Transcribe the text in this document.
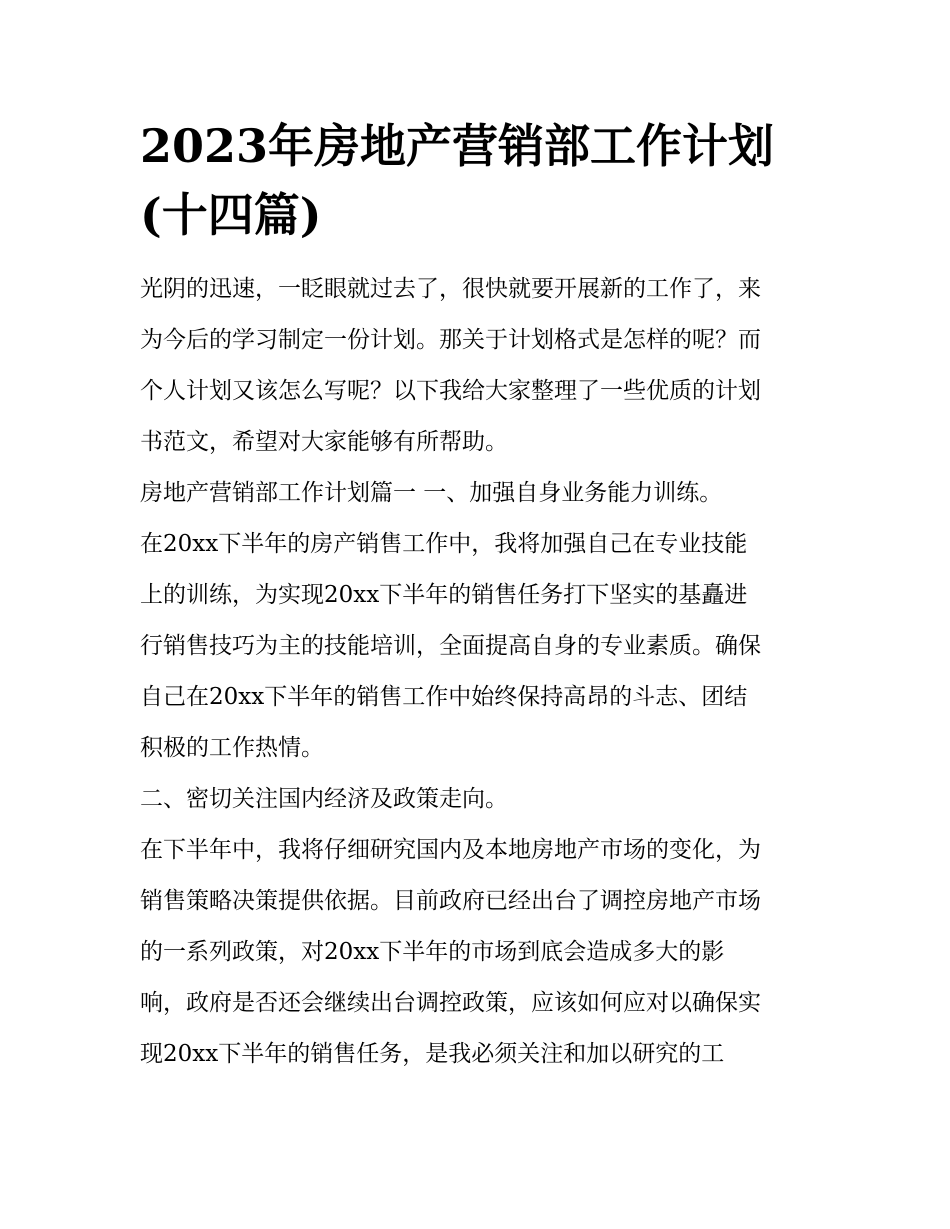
2023年房地产营销部工作计划
(十四篇)

光阴的迅速，一眨眼就过去了，很快就要开展新的工作了，来
为今后的学习制定一份计划。那关于计划格式是怎样的呢？而
个人计划又该怎么写呢？以下我给大家整理了一些优质的计划
书范文，希望对大家能够有所帮助。

房地产营销部工作计划篇一 一、加强自身业务能力训练。

在20xx下半年的房产销售工作中，我将加强自己在专业技能
上的训练，为实现20xx下半年的销售任务打下坚实的基矗进
行销售技巧为主的技能培训，全面提高自身的专业素质。确保
自己在20xx下半年的销售工作中始终保持高昂的斗志、团结
积极的工作热情。

二、密切关注国内经济及政策走向。

在下半年中，我将仔细研究国内及本地房地产市场的变化，为
销售策略决策提供依据。目前政府已经出台了调控房地产市场
的一系列政策，对20xx下半年的市场到底会造成多大的影
响，政府是否还会继续出台调控政策，应该如何应对以确保实
现20xx下半年的销售任务，是我必须关注和加以研究的工
